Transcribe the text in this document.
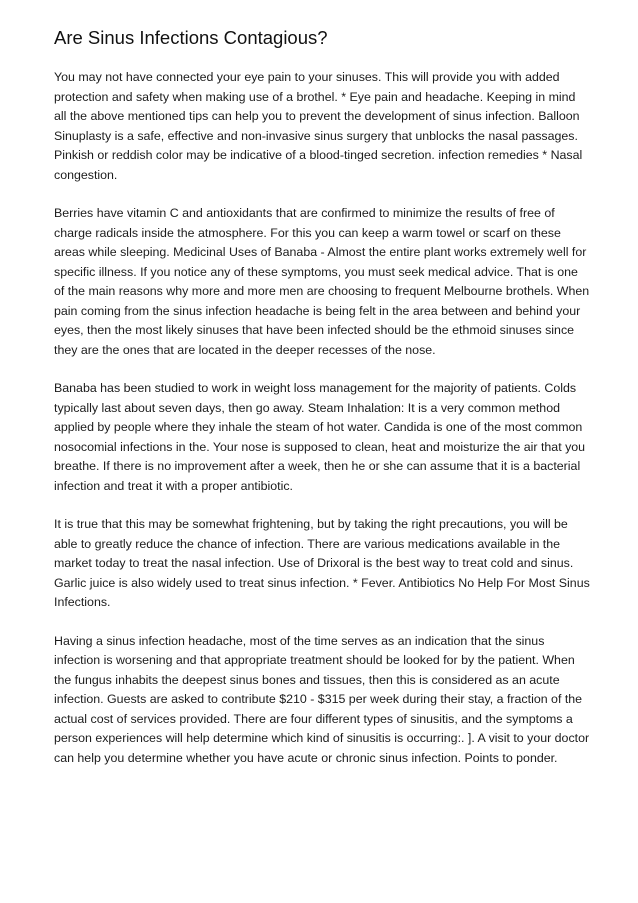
Are Sinus Infections Contagious?

You may not have connected your eye pain to your sinuses. This will provide you with added protection and safety when making use of a brothel. * Eye pain and headache. Keeping in mind all the above mentioned tips can help you to prevent the development of sinus infection. Balloon Sinuplasty is a safe, effective and non-invasive sinus surgery that unblocks the nasal passages. Pinkish or reddish color may be indicative of a blood-tinged secretion. infection remedies * Nasal congestion.

Berries have vitamin C and antioxidants that are confirmed to minimize the results of free of charge radicals inside the atmosphere. For this you can keep a warm towel or scarf on these areas while sleeping. Medicinal Uses of Banaba - Almost the entire plant works extremely well for specific illness. If you notice any of these symptoms, you must seek medical advice. That is one of the main reasons why more and more men are choosing to frequent Melbourne brothels. When pain coming from the sinus infection headache is being felt in the area between and behind your eyes, then the most likely sinuses that have been infected should be the ethmoid sinuses since they are the ones that are located in the deeper recesses of the nose.

Banaba has been studied to work in weight loss management for the majority of patients. Colds typically last about seven days, then go away. Steam Inhalation: It is a very common method applied by people where they inhale the steam of hot water. Candida is one of the most common nosocomial infections in the. Your nose is supposed to clean, heat and moisturize the air that you breathe. If there is no improvement after a week, then he or she can assume that it is a bacterial infection and treat it with a proper antibiotic.

It is true that this may be somewhat frightening, but by taking the right precautions, you will be able to greatly reduce the chance of infection. There are various medications available in the market today to treat the nasal infection. Use of Drixoral is the best way to treat cold and sinus. Garlic juice is also widely used to treat sinus infection. * Fever. Antibiotics No Help For Most Sinus Infections.

Having a sinus infection headache, most of the time serves as an indication that the sinus infection is worsening and that appropriate treatment should be looked for by the patient. When the fungus inhabits the deepest sinus bones and tissues, then this is considered as an acute infection. Guests are asked to contribute $210 - $315 per week during their stay, a fraction of the actual cost of services provided. There are four different types of sinusitis, and the symptoms a person experiences will help determine which kind of sinusitis is occurring:. ]. A visit to your doctor can help you determine whether you have acute or chronic sinus infection. Points to ponder.
